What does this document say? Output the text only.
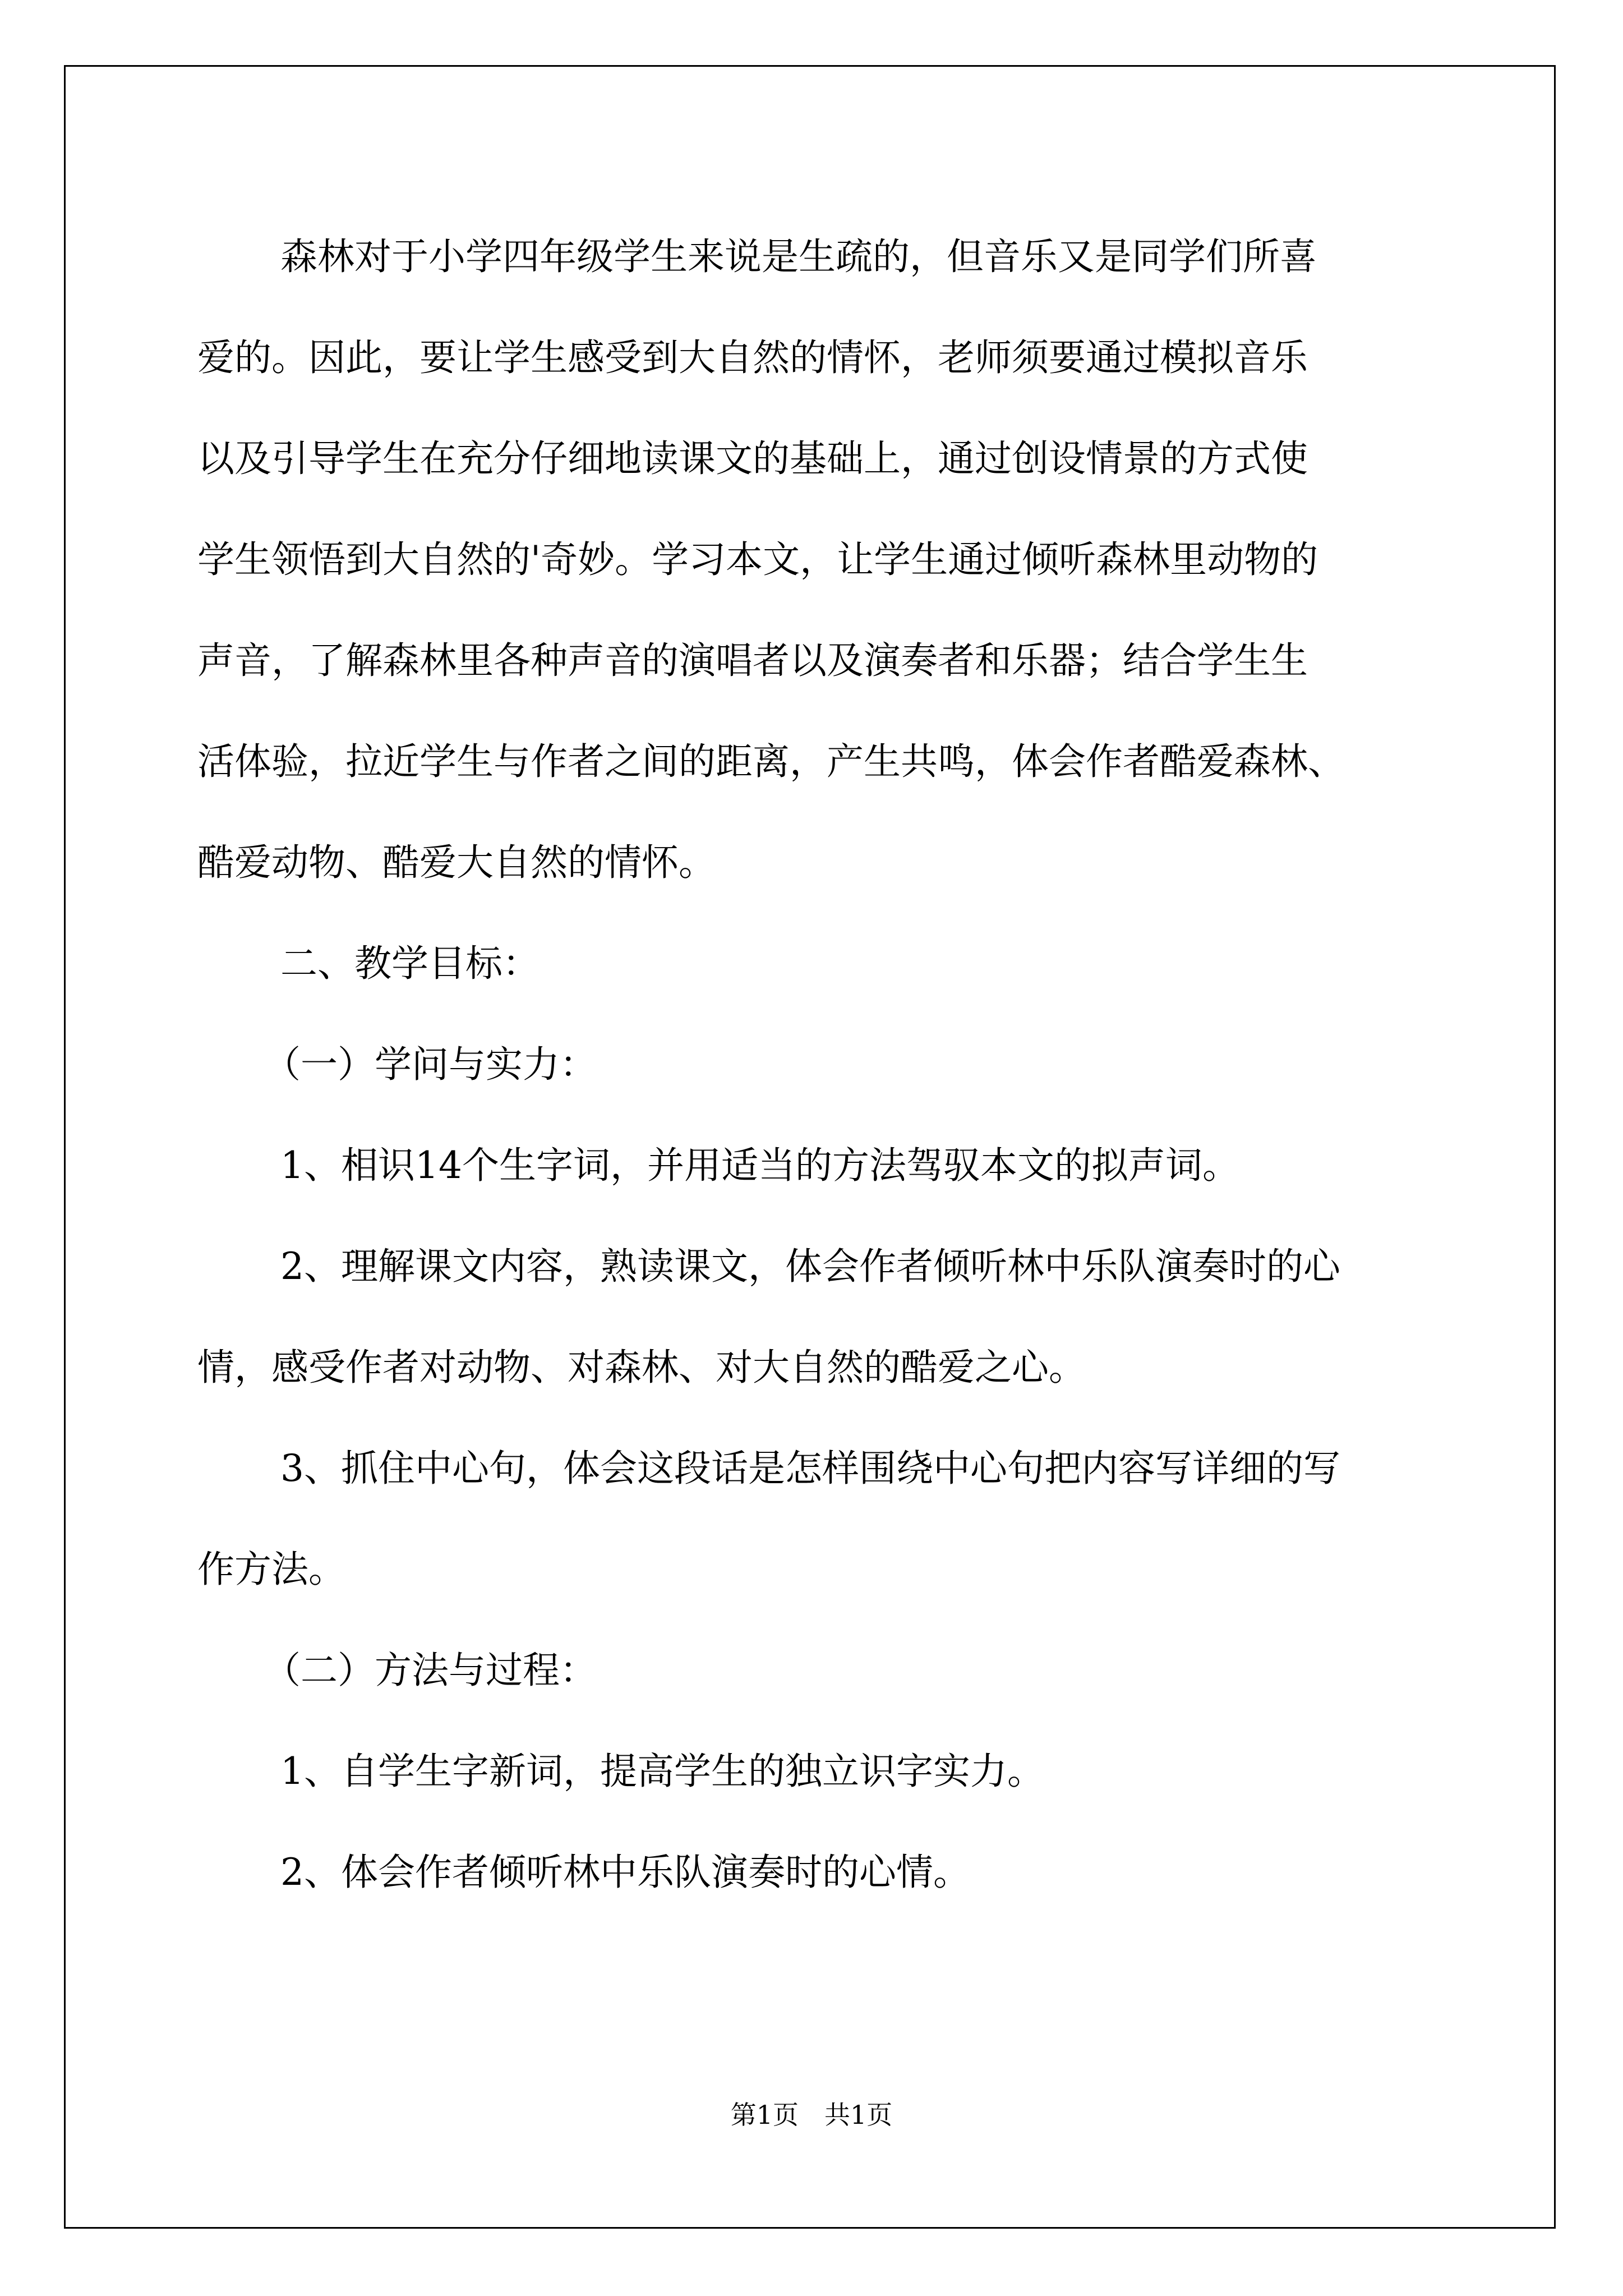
森林对于小学四年级学生来说是生疏的，但音乐又是同学们所喜
爱的。因此，要让学生感受到大自然的情怀，老师须要通过模拟音乐
以及引导学生在充分仔细地读课文的基础上，通过创设情景的方式使
学生领悟到大自然的'奇妙。学习本文，让学生通过倾听森林里动物的
声音，了解森林里各种声音的演唱者以及演奏者和乐器；结合学生生
活体验，拉近学生与作者之间的距离，产生共鸣，体会作者酷爱森林、
酷爱动物、酷爱大自然的情怀。
二、教学目标：
（一）学问与实力：
1、相识14个生字词，并用适当的方法驾驭本文的拟声词。
2、理解课文内容，熟读课文，体会作者倾听林中乐队演奏时的心
情，感受作者对动物、对森林、对大自然的酷爱之心。
3、抓住中心句，体会这段话是怎样围绕中心句把内容写详细的写
作方法。
（二）方法与过程：
1、自学生字新词，提高学生的独立识字实力。
2、体会作者倾听林中乐队演奏时的心情。
第1页　共1页
